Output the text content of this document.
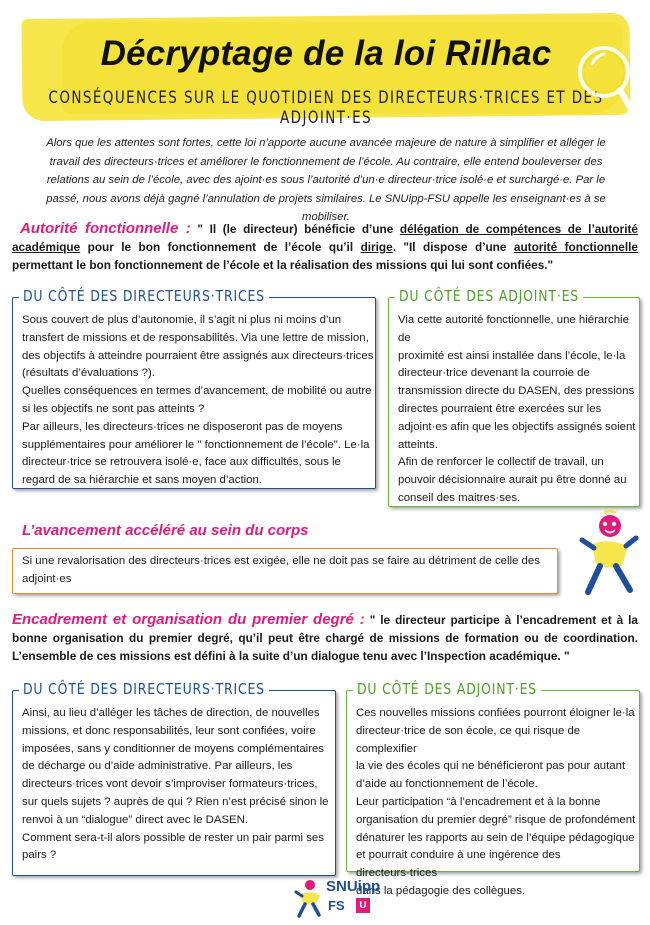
Décryptage de la loi Rilhac
CONSÉQUENCES SUR LE QUOTIDIEN DES DIRECTEURS·TRICES ET DES ADJOINT·ES
Alors que les attentes sont fortes, cette loi n’apporte aucune avancée majeure de nature à simplifier et alléger le travail des directeurs·trices et améliorer le fonctionnement de l’école. Au contraire, elle entend bouleverser des relations au sein de l’école, avec des ajoint·es sous l’autorité d’un·e directeur·trice isolé·e et surchargé·e. Par le passé, nous avons déjà gagné l’annulation de projets similaires. Le SNUipp-FSU appelle les enseignant·es à se mobiliser.
Autorité fonctionnelle : " Il (le directeur) bénéficie d’une délégation de compétences de l’autorité académique pour le bon fonctionnement de l’école qu’il dirige. "Il dispose d’une autorité fonctionnelle permettant le bon fonctionnement de l’école et la réalisation des missions qui lui sont confiées."
DU CÔTÉ DES DIRECTEURS·TRICES

Sous couvert de plus d’autonomie, il s’agit ni plus ni moins d’un

transfert de missions et de responsabilités. Via une lettre de mission,

des objectifs à atteindre pourraient être assignés aux directeurs·trices

(résultats d’évaluations ?).

Quelles conséquences en termes d’avancement, de mobilité ou autre

si les objectifs ne sont pas atteints ?

Par ailleurs, les directeurs·trices ne disposeront pas de moyens

supplémentaires pour améliorer le " fonctionnement de l’école". Le·la

directeur·trice se retrouvera isolé·e, face aux difficultés, sous le

regard de sa hiérarchie et sans moyen d’action.

DU CÔTÉ DES ADJOINT·ES

Via cette autorité fonctionnelle, une hiérarchie de

proximité est ainsi installée dans l’école, le·la

directeur·trice devenant la courroie de

transmission directe du DASEN, des pressions

directes pourraient être exercées sur les

adjoint·es afin que les objectifs assignés soient

atteints.

Afin de renforcer le collectif de travail, un

pouvoir décisionnaire aurait pu être donné au

conseil des maitres·ses.

L’avancement accéléré au sein du corps

Si une revalorisation des directeurs·trices est exigée, elle ne doit pas se faire au détriment de celle des

adjoint·es

Encadrement et organisation du premier degré : " le directeur participe à l’encadrement et à la bonne organisation du premier degré, qu’il peut être chargé de missions de formation ou de coordination. L’ensemble de ces missions est défini à la suite d’un dialogue tenu avec l’Inspection académique. "
DU CÔTÉ DES DIRECTEURS·TRICES

Ainsi, au lieu d’alléger les tâches de direction, de nouvelles

missions, et donc responsabilités, leur sont confiées, voire

imposées, sans y conditionner de moyens complémentaires

de décharge ou d’aide administrative. Par ailleurs, les

directeurs·trices vont devoir s’improviser formateurs·trices,

sur quels sujets ? auprès de qui ? Rien n’est précisé sinon le

renvoi à un “dialogue” direct avec le DASEN.

Comment sera-t-il alors possible de rester un pair parmi ses

pairs ?

DU CÔTÉ DES ADJOINT·ES

Ces nouvelles missions confiées pourront éloigner le·la

directeur·trice de son école, ce qui risque de complexifier

la vie des écoles qui ne bénéficieront pas pour autant

d’aide au fonctionnement de l’école.

Leur participation “à l’encadrement et à la bonne

organisation du premier degré” risque de profondément

dénaturer les rapports au sein de l’équipe pédagogique

et pourrait conduire à une ingérence des directeurs·trices

dans la pédagogie des collègues.

SNUipp
FS	U
